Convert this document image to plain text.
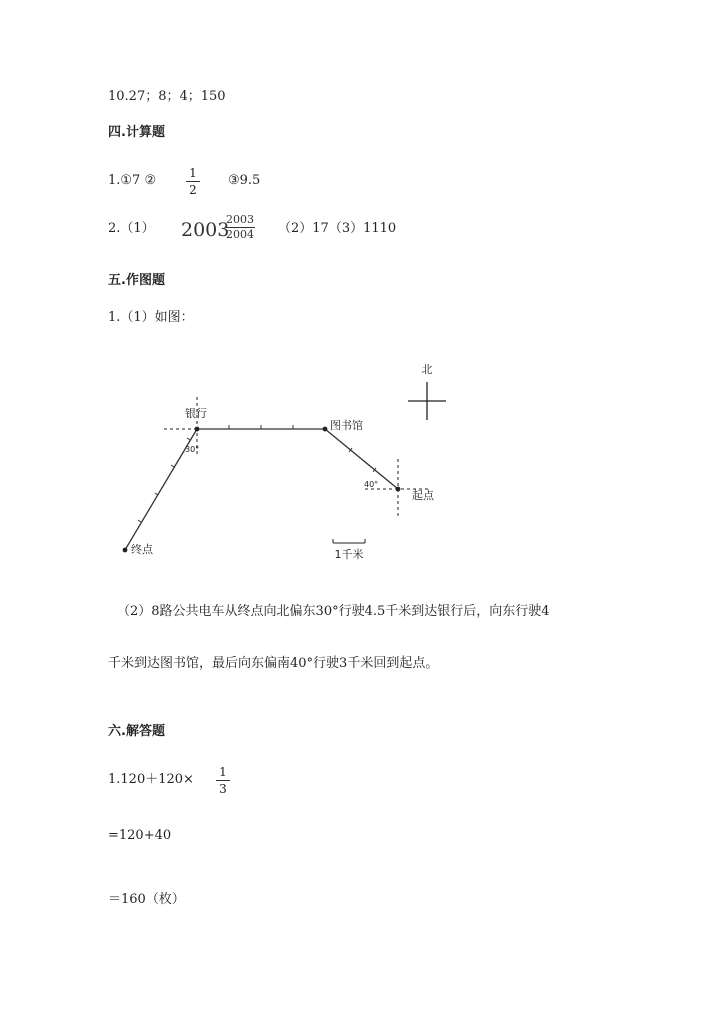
10.27；8；4；150
四.计算题
1.①7 ②	1
2
③9.5
2.（1） 2003
2003
2004 （2）17（3）1110
五.作图题
1.（1）如图：
北
银行
图书馆
起点
终点
30°
40°
1千米
（2）8路公共电车从终点向北偏东30°行驶4.5千米到达银行后，向东行驶4
千米到达图书馆，最后向东偏南40°行驶3千米回到起点。
六.解答题
1.120＋120× 1
3
=120+40
＝160（枚）
